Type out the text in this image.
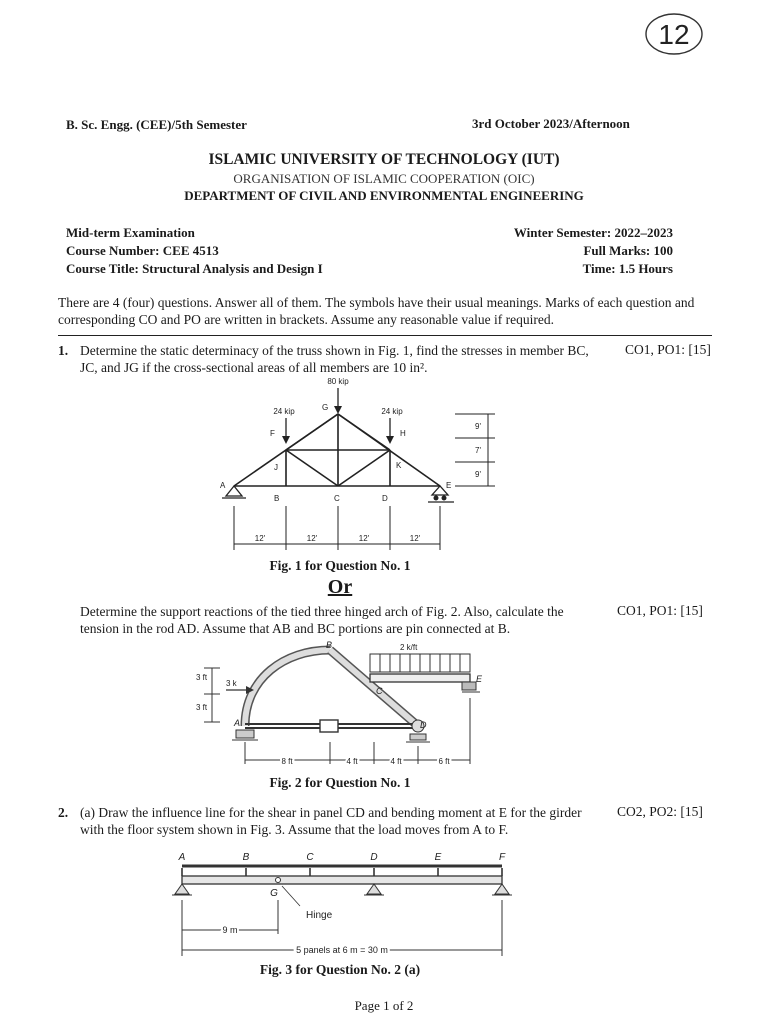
12
B. Sc. Engg. (CEE)/5th Semester	3rd October 2023/Afternoon
ISLAMIC UNIVERSITY OF TECHNOLOGY (IUT)
ORGANISATION OF ISLAMIC COOPERATION (OIC)
DEPARTMENT OF CIVIL AND ENVIRONMENTAL ENGINEERING
Mid-term Examination
Course Number: CEE 4513
Course Title: Structural Analysis and Design I
Winter Semester: 2022–2023
Full Marks: 100
Time: 1.5 Hours
There are 4 (four) questions. Answer all of them. The symbols have their usual meanings. Marks of each question and corresponding CO and PO are written in brackets. Assume any reasonable value if required.
1. Determine the static determinacy of the truss shown in Fig. 1, find the stresses in member BC, JC, and JG if the cross-sectional areas of all members are 10 in².
CO1, PO1: [15]
80 kip
24 kip	24 kip
A
B	C	D
E
F
G
H
J	K
9'
7'
9'
12'	12'	12'	12'
Fig. 1 for Question No. 1
Or
Determine the support reactions of the tied three hinged arch of Fig. 2. Also, calculate the tension in the rod AD. Assume that AB and BC portions are pin connected at B.
CO1, PO1: [15]
B
C
D
E
A
2 k/ft
3 k
3 ft
3 ft
8 ft	4 ft	4 ft	6 ft
Fig. 2 for Question No. 1
2. (a) Draw the influence line for the shear in panel CD and bending moment at E for the girder with the floor system shown in Fig. 3. Assume that the load moves from A to F.
CO2, PO2: [15]
A	B	C	D	E	F
G
Hinge
9 m
5 panels at 6 m = 30 m
Fig. 3 for Question No. 2 (a)
Page 1 of 2
